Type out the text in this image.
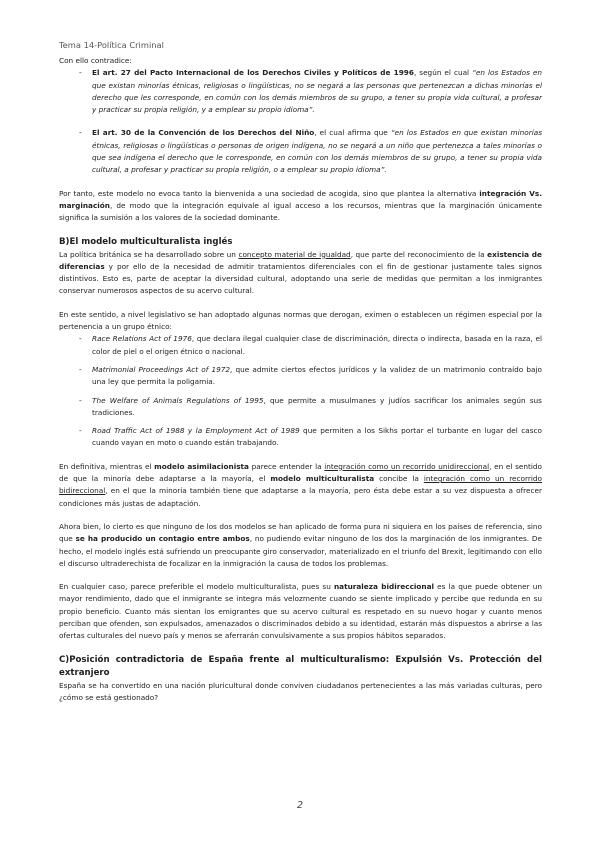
Tema 14-Política Criminal

Con ello contradice:

- El art. 27 del Pacto Internacional de los Derechos Civiles y Políticos de 1996, según el cual “en los Estados en que existan minorías étnicas, religiosas o lingüísticas, no se negará a las personas que pertenezcan a dichas minorías el derecho que les corresponde, en común con los demás miembros de su grupo, a tener su propia vida cultural, a profesar y practicar su propia religión, y a emplear su propio idioma”.
- El art. 30 de la Convención de los Derechos del Niño, el cual afirma que “en los Estados en que existan minorías étnicas, religiosas o lingüísticas o personas de origen indígena, no se negará a un niño que pertenezca a tales minorías o que sea indígena el derecho que le corresponde, en común con los demás miembros de su grupo, a tener su propia vida cultural, a profesar y practicar su propia religión, o a emplear su propio idioma”.

Por tanto, este modelo no evoca tanto la bienvenida a una sociedad de acogida, sino que plantea la alternativa integración Vs. marginación, de modo que la integración equivale al igual acceso a los recursos, mientras que la marginación únicamente significa la sumisión a los valores de la sociedad dominante.

B)El modelo multiculturalista inglés

La política británica se ha desarrollado sobre un concepto material de igualdad, que parte del reconocimiento de la existencia de diferencias y por ello de la necesidad de admitir tratamientos diferenciales con el fin de gestionar justamente tales signos distintivos. Esto es, parte de aceptar la diversidad cultural, adoptando una serie de medidas que permitan a los inmigrantes conservar numerosos aspectos de su acervo cultural.

En este sentido, a nivel legislativo se han adoptado algunas normas que derogan, eximen o establecen un régimen especial por la pertenencia a un grupo étnico:

- Race Relations Act of 1976, que declara ilegal cualquier clase de discriminación, directa o indirecta, basada en la raza, el color de piel o el origen étnico o nacional.
- Matrimonial Proceedings Act of 1972, que admite ciertos efectos jurídicos y la validez de un matrimonio contraído bajo una ley que permita la poligamia.
- The Welfare of Animals Regulations of 1995, que permite a musulmanes y judíos sacrificar los animales según sus tradiciones.
- Road Traffic Act of 1988 y la Employment Act of 1989 que permiten a los Sikhs portar el turbante en lugar del casco cuando vayan en moto o cuando están trabajando.

En definitiva, mientras el modelo asimilacionista parece entender la integración como un recorrido unidireccional, en el sentido de que la minoría debe adaptarse a la mayoría, el modelo multiculturalista concibe la integración como un recorrido bidireccional, en el que la minoría también tiene que adaptarse a la mayoría, pero ésta debe estar a su vez dispuesta a ofrecer condiciones más justas de adaptación.

Ahora bien, lo cierto es que ninguno de los dos modelos se han aplicado de forma pura ni siquiera en los países de referencia, sino que se ha producido un contagio entre ambos, no pudiendo evitar ninguno de los dos la marginación de los inmigrantes. De hecho, el modelo inglés está sufriendo un preocupante giro conservador, materializado en el triunfo del Brexit, legitimando con ello el discurso ultraderechista de focalizar en la inmigración la causa de todos los problemas.

En cualquier caso, parece preferible el modelo multiculturalista, pues su naturaleza bidireccional es la que puede obtener un mayor rendimiento, dado que el inmigrante se integra más velozmente cuando se siente implicado y percibe que redunda en su propio beneficio. Cuanto más sientan los emigrantes que su acervo cultural es respetado en su nuevo hogar y cuanto menos perciban que ofenden, son expulsados, amenazados o discriminados debido a su identidad, estarán más dispuestos a abrirse a las ofertas culturales del nuevo país y menos se aferrarán convulsivamente a sus propios hábitos separados.

C)Posición contradictoria de España frente al multiculturalismo: Expulsión Vs. Protección del extranjero

España se ha convertido en una nación pluricultural donde conviven ciudadanos pertenecientes a las más variadas culturas, pero ¿cómo se está gestionado?

2
